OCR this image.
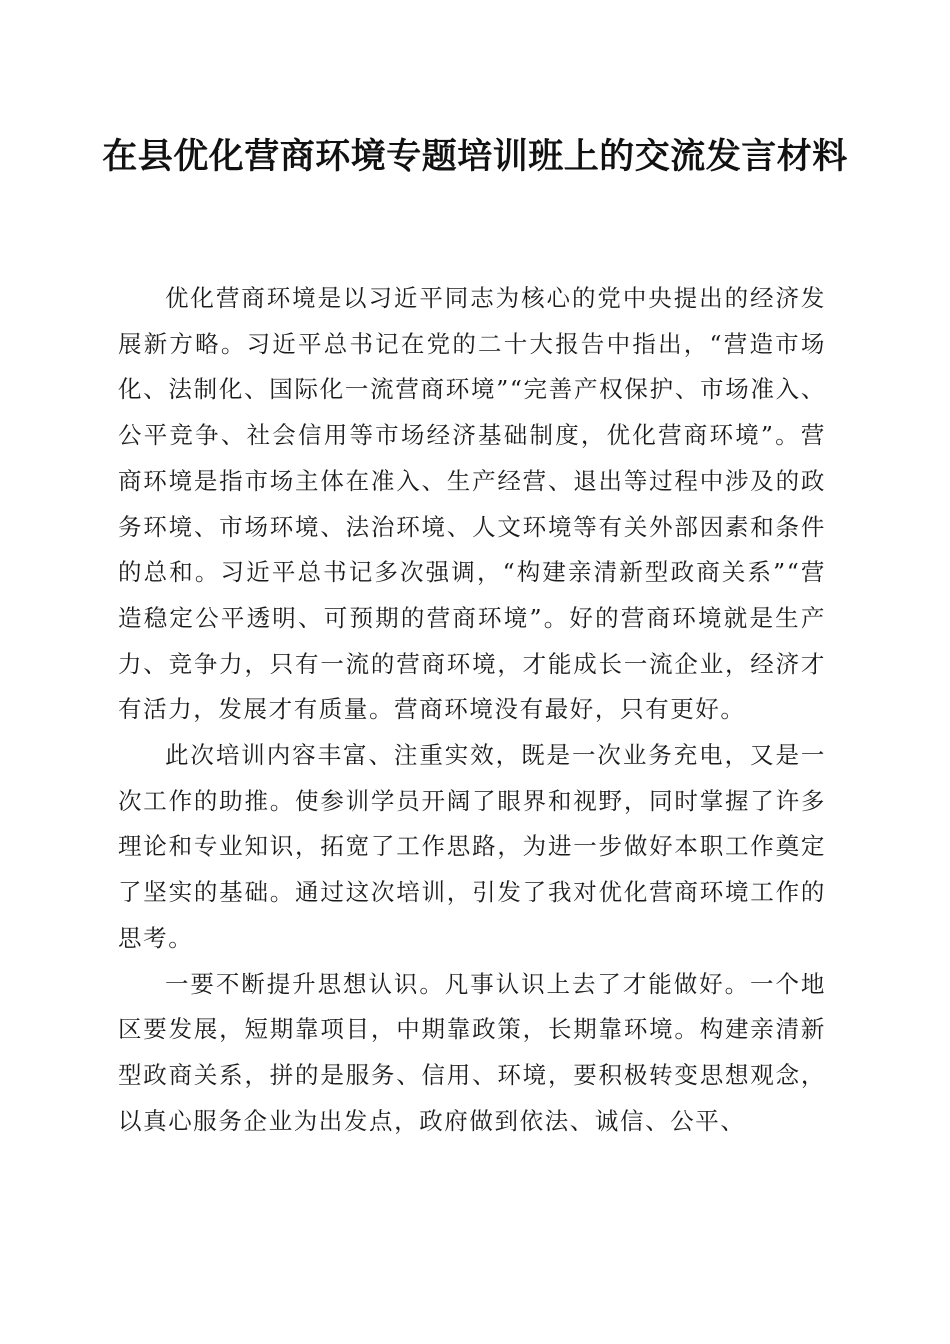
在县优化营商环境专题培训班上的交流发言材料

优化营商环境是以习近平同志为核心的党中央提出的经济发展新方略。习近平总书记在党的二十大报告中指出，“营造市场化、法制化、国际化一流营商环境”“完善产权保护、市场准入、公平竞争、社会信用等市场经济基础制度，优化营商环境”。营商环境是指市场主体在准入、生产经营、退出等过程中涉及的政务环境、市场环境、法治环境、人文环境等有关外部因素和条件的总和。习近平总书记多次强调，“构建亲清新型政商关系”“营造稳定公平透明、可预期的营商环境”。好的营商环境就是生产力、竞争力，只有一流的营商环境，才能成长一流企业，经济才有活力，发展才有质量。营商环境没有最好，只有更好。

此次培训内容丰富、注重实效，既是一次业务充电，又是一次工作的助推。使参训学员开阔了眼界和视野，同时掌握了许多理论和专业知识，拓宽了工作思路，为进一步做好本职工作奠定了坚实的基础。通过这次培训，引发了我对优化营商环境工作的思考。

一要不断提升思想认识。凡事认识上去了才能做好。一个地区要发展，短期靠项目，中期靠政策，长期靠环境。构建亲清新型政商关系，拼的是服务、信用、环境，要积极转变思想观念，以真心服务企业为出发点，政府做到依法、诚信、公平、
